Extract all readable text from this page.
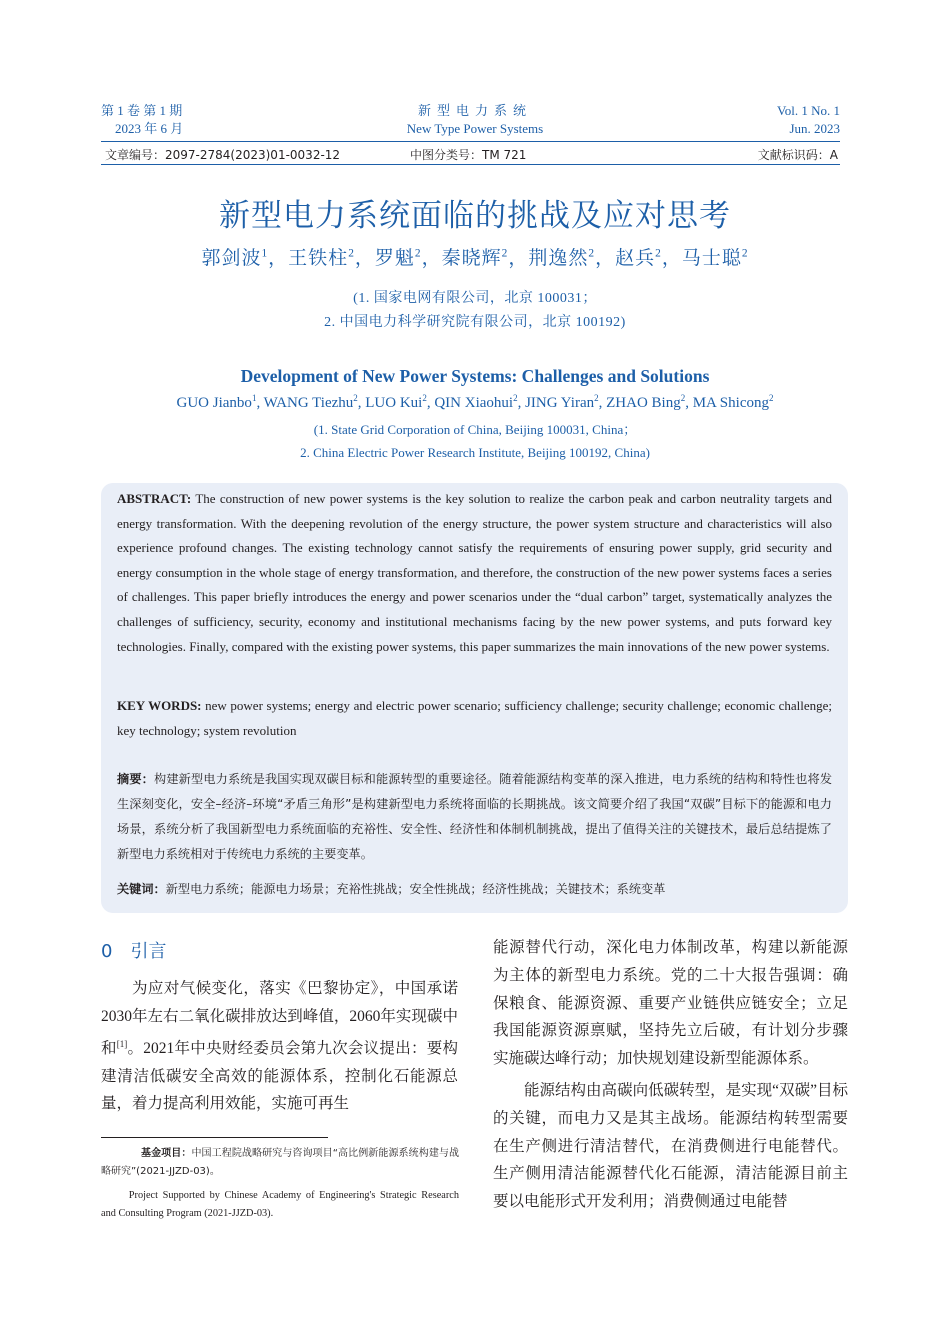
第 1 卷 第 1 期
2023 年 6 月
新型电力系统
New Type Power Systems
Vol. 1 No. 1
Jun. 2023
文章编号：2097-2784(2023)01-0032-12	中图分类号：TM 721	文献标识码：A
新型电力系统面临的挑战及应对思考
郭剑波$^1$，王铁柱$^2$，罗魁$^2$，秦晓辉$^2$，荆逸然$^2$，赵兵$^2$，马士聪$^2$
(1. 国家电网有限公司，北京 100031；
2. 中国电力科学研究院有限公司，北京 100192)
Development of New Power Systems: Challenges and Solutions
GUO Jianbo$^1$, WANG Tiezhu$^2$, LUO Kui$^2$, QIN Xiaohui$^2$, JING Yiran$^2$, ZHAO Bing$^2$, MA Shicong$^2$
(1. State Grid Corporation of China, Beijing 100031, China；
2. China Electric Power Research Institute, Beijing 100192, China)
ABSTRACT: The construction of new power systems is the key solution to realize the carbon peak and carbon neutrality targets and energy transformation. With the deepening revolution of the energy structure, the power system structure and characteristics will also experience profound changes. The existing technology cannot satisfy the requirements of ensuring power supply, grid security and energy consumption in the whole stage of energy transformation, and therefore, the construction of the new power systems faces a series of challenges. This paper briefly introduces the energy and power scenarios under the “dual carbon” target, systematically analyzes the challenges of sufficiency, security, economy and institutional mechanisms facing by the new power systems, and puts forward key technologies. Finally, compared with the existing power systems, this paper summarizes the main innovations of the new power systems.
KEY WORDS: new power systems; energy and electric power scenario; sufficiency challenge; security challenge; economic challenge; key technology; system revolution
摘要：构建新型电力系统是我国实现双碳目标和能源转型的重要途径。随着能源结构变革的深入推进，电力系统的结构和特性也将发生深刻变化，安全–经济–环境“矛盾三角形”是构建新型电力系统将面临的长期挑战。该文简要介绍了我国“双碳”目标下的能源和电力场景，系统分析了我国新型电力系统面临的充裕性、安全性、经济性和体制机制挑战，提出了值得关注的关键技术，最后总结提炼了新型电力系统相对于传统电力系统的主要变革。
关键词：新型电力系统；能源电力场景；充裕性挑战；安全性挑战；经济性挑战；关键技术；系统变革
0 引言

为应对气候变化，落实《巴黎协定》，中国承诺2030年左右二氧化碳排放达到峰值，2060年实现碳中和[1]。2021年中央财经委员会第九次会议提出：要构建清洁低碳安全高效的能源体系，控制化石能源总量，着力提高利用效能，实施可再生

能源替代行动，深化电力体制改革，构建以新能源为主体的新型电力系统。党的二十大报告强调：确保粮食、能源资源、重要产业链供应链安全；立足我国能源资源禀赋，坚持先立后破，有计划分步骤实施碳达峰行动；加快规划建设新型能源体系。

能源结构由高碳向低碳转型，是实现“双碳”目标的关键，而电力又是其主战场。能源结构转型需要在生产侧进行清洁替代，在消费侧进行电能替代。生产侧用清洁能源替代化石能源，清洁能源目前主要以电能形式开发利用；消费侧通过电能替

基金项目：中国工程院战略研究与咨询项目“高比例新能源系统构建与战略研究”(2021-JJZD-03)。

Project Supported by Chinese Academy of Engineering's Strategic Research and Consulting Program (2021-JJZD-03).
